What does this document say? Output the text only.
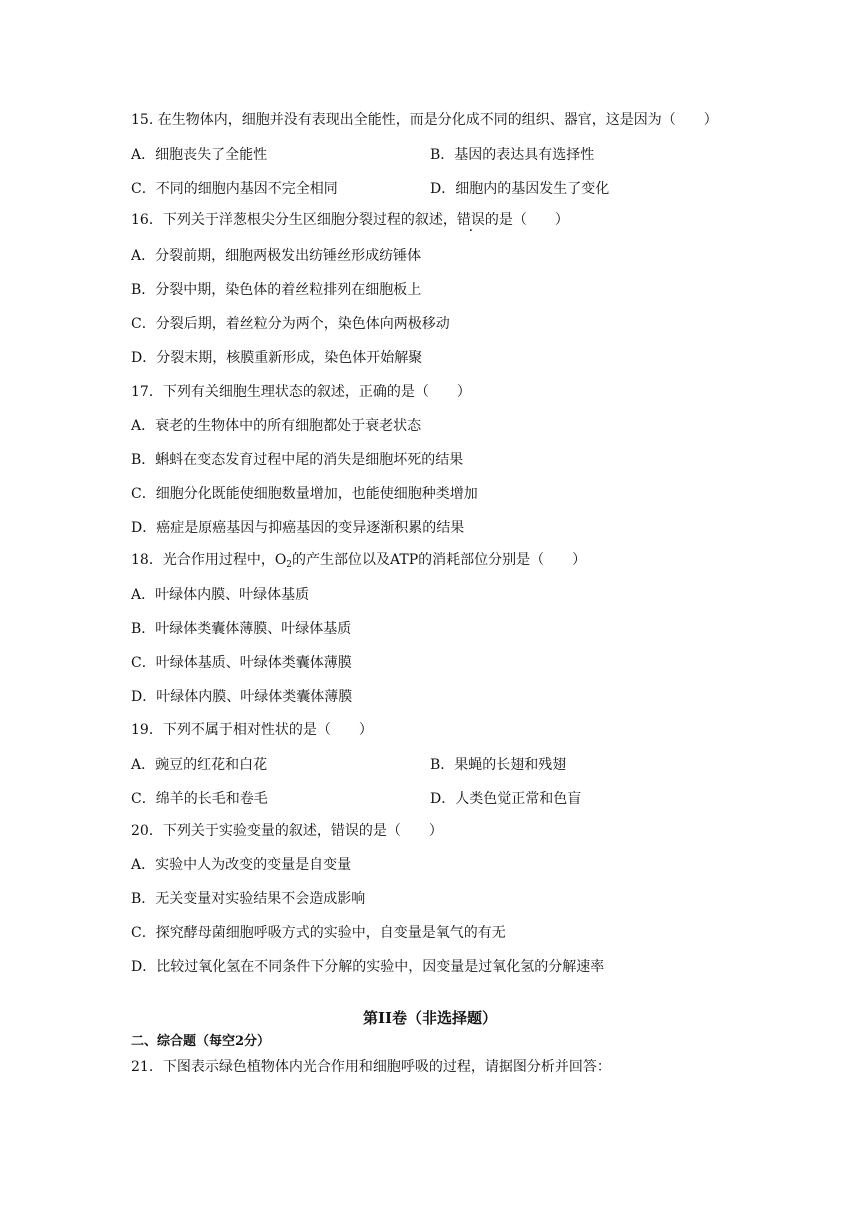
15. 在生物体内，细胞并没有表现出全能性，而是分化成不同的组织、器官，这是因为（　　）
A．细胞丧失了全能性	B．基因的表达具有选择性
C．不同的细胞内基因不完全相同	D．细胞内的基因发生了变化
16．下列关于洋葱根尖分生区细胞分裂过程的叙述，错误的是（　　）
A．分裂前期，细胞两极发出纺锤丝形成纺锤体
B．分裂中期，染色体的着丝粒排列在细胞板上
C．分裂后期，着丝粒分为两个，染色体向两极移动
D．分裂末期，核膜重新形成，染色体开始解聚
17．下列有关细胞生理状态的叙述，正确的是（　　）
A．衰老的生物体中的所有细胞都处于衰老状态
B．蝌蚪在变态发育过程中尾的消失是细胞坏死的结果
C．细胞分化既能使细胞数量增加，也能使细胞种类增加
D．癌症是原癌基因与抑癌基因的变异逐渐积累的结果
18．光合作用过程中，$O_2$的产生部位以及ATP的消耗部位分别是（　　）
A．叶绿体内膜、叶绿体基质
B．叶绿体类囊体薄膜、叶绿体基质
C．叶绿体基质、叶绿体类囊体薄膜
D．叶绿体内膜、叶绿体类囊体薄膜
19．下列不属于相对性状的是（　　）
A．豌豆的红花和白花	B．果蝇的长翅和残翅
C．绵羊的长毛和卷毛	D．人类色觉正常和色盲
20．下列关于实验变量的叙述，错误的是（　　）
A．实验中人为改变的变量是自变量
B．无关变量对实验结果不会造成影响
C．探究酵母菌细胞呼吸方式的实验中，自变量是氧气的有无
D．比较过氧化氢在不同条件下分解的实验中，因变量是过氧化氢的分解速率
第II卷（非选择题）
二、综合题（每空2分）
21．下图表示绿色植物体内光合作用和细胞呼吸的过程，请据图分析并回答：
